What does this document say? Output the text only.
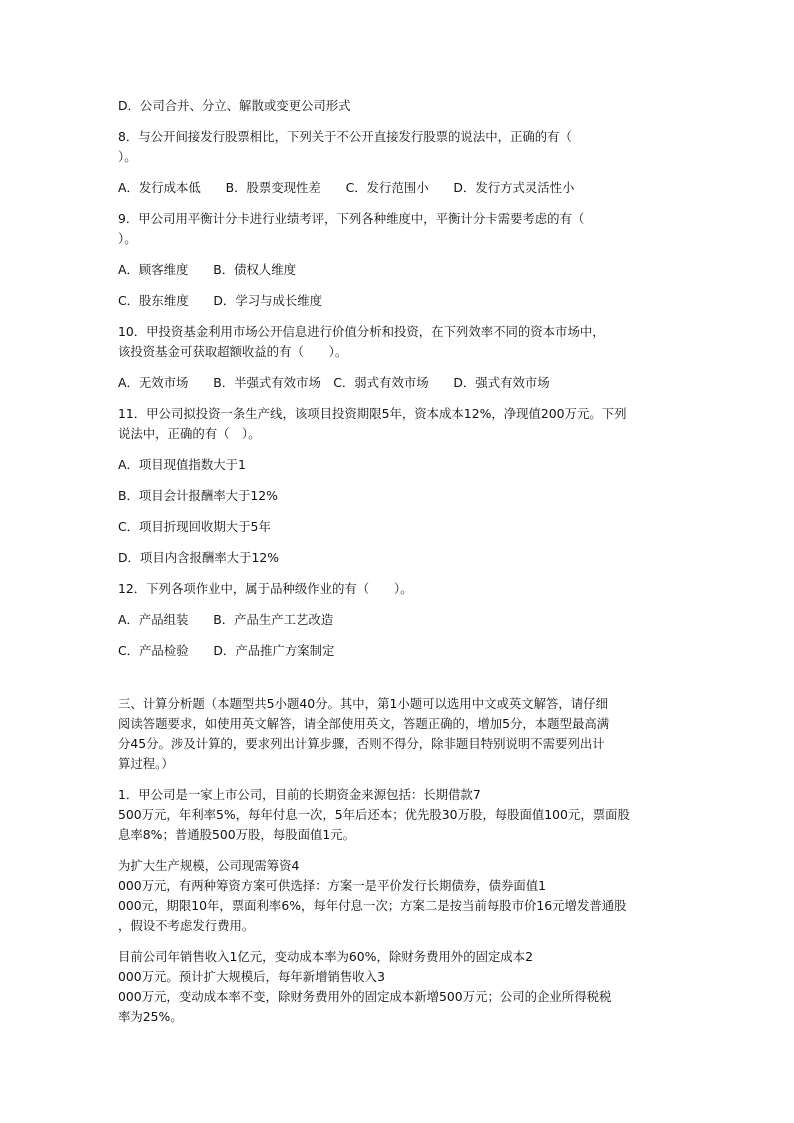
D．公司合并、分立、解散或变更公司形式

8．与公开间接发行股票相比，下列关于不公开直接发行股票的说法中，正确的有（

）。

A．发行成本低　　B．股票变现性差　　C．发行范围小　　D．发行方式灵活性小

9．甲公司用平衡计分卡进行业绩考评，下列各种维度中，平衡计分卡需要考虑的有（

）。

A．顾客维度　　B．债权人维度

C．股东维度　　D．学习与成长维度

10．甲投资基金利用市场公开信息进行价值分析和投资，在下列效率不同的资本市场中，

该投资基金可获取超额收益的有（　　）。

A．无效市场　　B．半强式有效市场　C．弱式有效市场　　D．强式有效市场

11．甲公司拟投资一条生产线，该项目投资期限5年，资本成本12%，净现值200万元。下列

说法中，正确的有（　）。

A．项目现值指数大于1

B．项目会计报酬率大于12%

C．项目折现回收期大于5年

D．项目内含报酬率大于12%

12．下列各项作业中，属于品种级作业的有（　　）。

A．产品组装　　B．产品生产工艺改造

C．产品检验　　D．产品推广方案制定

三、计算分析题（本题型共5小题40分。其中，第1小题可以选用中文或英文解答，请仔细

阅读答题要求，如使用英文解答，请全部使用英文，答题正确的，增加5分，本题型最高满

分45分。涉及计算的，要求列出计算步骤，否则不得分，除非题目特别说明不需要列出计

算过程。）

1．甲公司是一家上市公司，目前的长期资金来源包括：长期借款7

500万元，年利率5%，每年付息一次，5年后还本；优先股30万股，每股面值100元，票面股

息率8%；普通股500万股，每股面值1元。

为扩大生产规模，公司现需筹资4

000万元，有两种筹资方案可供选择：方案一是平价发行长期债券，债券面值1

000元，期限10年，票面利率6%，每年付息一次；方案二是按当前每股市价16元增发普通股

，假设不考虑发行费用。

目前公司年销售收入1亿元，变动成本率为60%，除财务费用外的固定成本2

000万元。预计扩大规模后，每年新增销售收入3

000万元，变动成本率不变，除财务费用外的固定成本新增500万元；公司的企业所得税税

率为25%。
